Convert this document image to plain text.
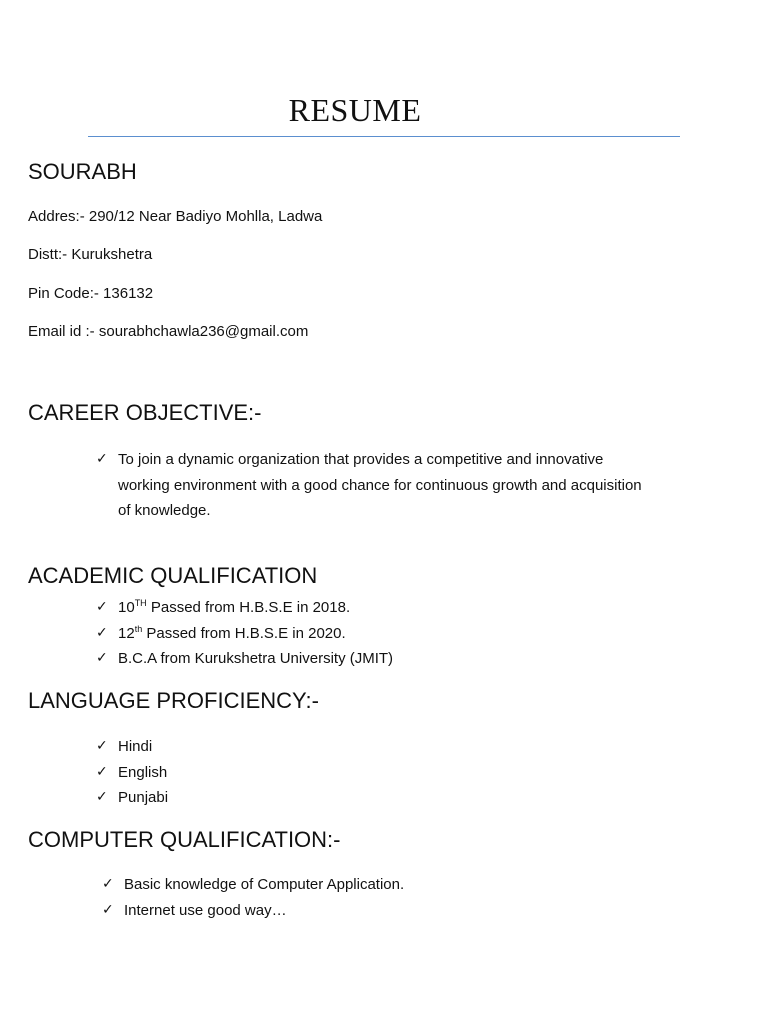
RESUME
SOURABH
Addres:- 290/12 Near Badiyo Mohlla, Ladwa
Distt:- Kurukshetra
Pin Code:- 136132
Email id :- sourabhchawla236@gmail.com
CAREER OBJECTIVE:-
✓ To join a dynamic organization that provides a competitive and innovative working environment with a good chance for continuous growth and acquisition of knowledge.
ACADEMIC QUALIFICATION
✓ 10TH Passed from H.B.S.E in 2018.
✓ 12th Passed from H.B.S.E in 2020.
✓ B.C.A from Kurukshetra University (JMIT)
LANGUAGE PROFICIENCY:-
✓ Hindi
✓ English
✓ Punjabi
COMPUTER QUALIFICATION:-
✓ Basic knowledge of Computer Application.
✓ Internet use good way…
